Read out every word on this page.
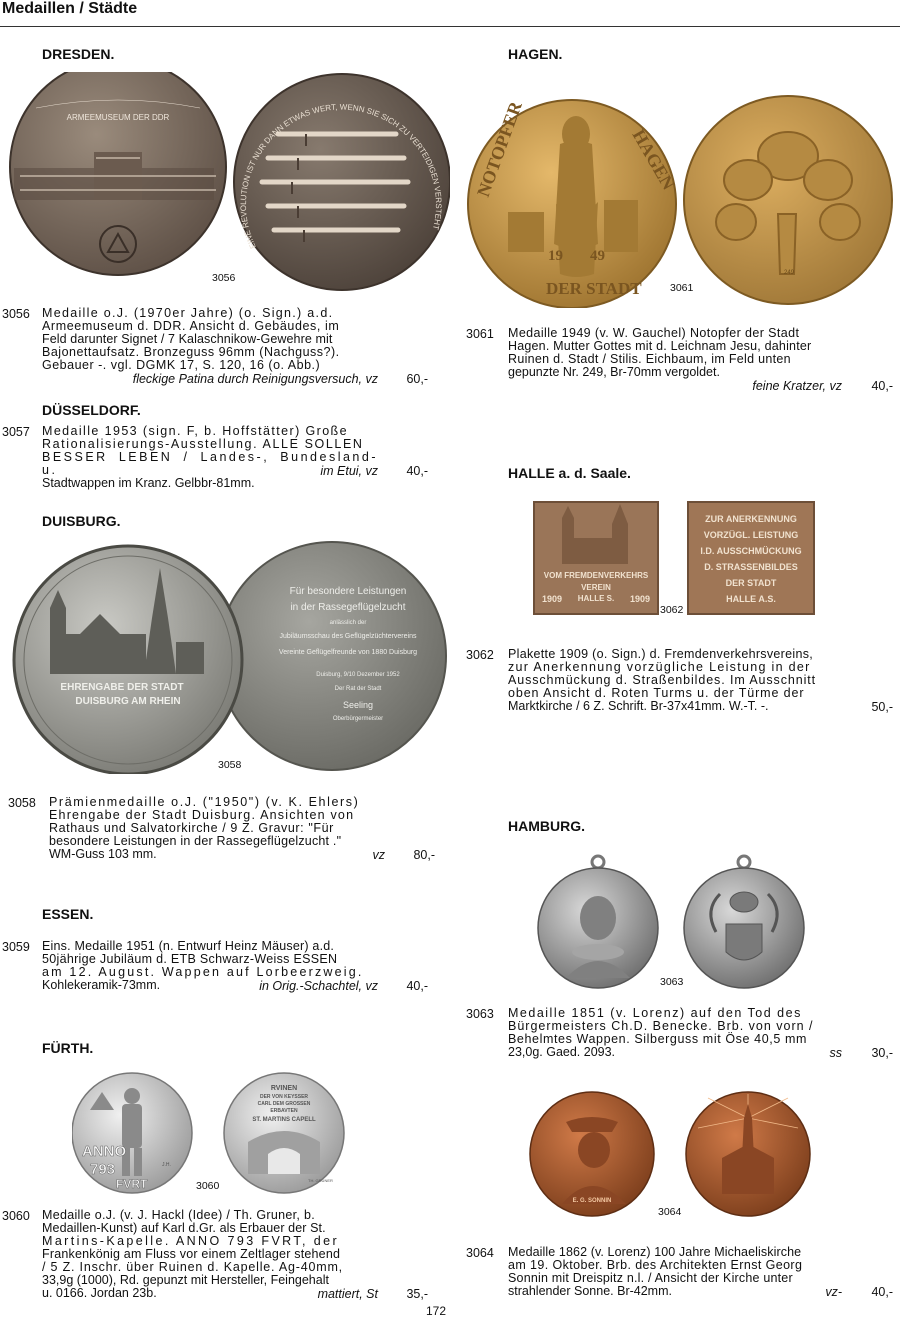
Medaillen / Städte
DRESDEN.
ARMEEMUSEUM DER DDR
EINE REVOLUTION IST NUR DANN ETWAS WERT, WENN SIE SICH ZU VERTEIDIGEN VERSTEHT
3056
3056 Medaille o.J. (1970er Jahre) (o. Sign.) a.d.

Armeemuseum d. DDR. Ansicht d. Gebäudes, im

Feld darunter Signet / 7 Kalaschnikow-Gewehre mit

Bajonettaufsatz. Bronzeguss 96mm (Nachguss?).

Gebauer -. vgl. DGMK 17, S. 120, 16 (o. Abb.)

fleckige Patina durch Reinigungsversuch, vz	60,-
DÜSSELDORF.
3057 Medaille 1953 (sign. F, b. Hoffstätter) Große

Rationalisierungs-Ausstellung. ALLE SOLLEN

BESSER LEBEN / Landes-, Bundesland- u.

Stadtwappen im Kranz. Gelbbr-81mm.

im Etui, vz	40,-
DUISBURG.
Für besondere Leistungen
in der Rassegeflügelzucht
anlässlich der
Jubiläumsschau des Geflügelzüchtervereins
Vereinte Geflügelfreunde von 1880 Duisburg
Duisburg, 9/10 Dezember 1952
Der Rat der Stadt
Seeling
Oberbürgermeister
EHRENGABE DER STADT
DUISBURG AM RHEIN
3058
3058 Prämienmedaille o.J. ("1950") (v. K. Ehlers)

Ehrengabe der Stadt Duisburg. Ansichten von

Rathaus und Salvatorkirche / 9 Z. Gravur: "Für

besondere Leistungen in der Rassegeflügelzucht ."

WM-Guss 103 mm.	vz	80,-
ESSEN.
3059 Eins. Medaille 1951 (n. Entwurf Heinz Mäuser) a.d.

50jährige Jubiläum d. ETB Schwarz-Weiss ESSEN

am 12. August. Wappen auf Lorbeerzweig.

Kohlekeramik-73mm.	in Orig.-Schachtel, vz	40,-
FÜRTH.
ANNO
793
FVRT
J.H.
RVINEN
DER VON KEYSSER
CARL DEM GROSSEN
ERBAVTEN
ST. MARTINS CAPELL
TH. GRUNER
3060
3060 Medaille o.J. (v. J. Hackl (Idee) / Th. Gruner, b.

Medaillen-Kunst) auf Karl d.Gr. als Erbauer der St.

Martins-Kapelle. ANNO 793 FVRT, der

Frankenkönig am Fluss vor einem Zeltlager stehend

/ 5 Z. Inschr. über Ruinen d. Kapelle. Ag-40mm,

33,9g (1000), Rd. gepunzt mit Hersteller, Feingehalt

u. 0166. Jordan 23b.	mattiert, St	35,-
HAGEN.
NOTOPFER
DER STADT
HAGEN
19 49
249
3061
3061 Medaille 1949 (v. W. Gauchel) Notopfer der Stadt

Hagen. Mutter Gottes mit d. Leichnam Jesu, dahinter

Ruinen d. Stadt / Stilis. Eichbaum, im Feld unten

gepunzte Nr. 249, Br-70mm vergoldet.

feine Kratzer, vz	40,-
HALLE a. d. Saale.
VOM FREMDENVERKEHRS
VEREIN
HALLE S.
1909	1909
ZUR ANERKENNUNG
VORZÜGL. LEISTUNG
I.D. AUSSCHMÜCKUNG
D. STRASSENBILDES
DER STADT
HALLE A.S.
3062
3062 Plakette 1909 (o. Sign.) d. Fremdenverkehrsvereins,

zur Anerkennung vorzügliche Leistung in der

Ausschmückung d. Straßenbildes. Im Ausschnitt

oben Ansicht d. Roten Turms u. der Türme der

Marktkirche / 6 Z. Schrift. Br-37x41mm. W.-T. -.	50,-
HAMBURG.
3063
3063 Medaille 1851 (v. Lorenz) auf den Tod des

Bürgermeisters Ch.D. Benecke. Brb. von vorn /

Behelmtes Wappen. Silberguss mit Öse 40,5 mm

23,0g. Gaed. 2093.	ss	30,-
E. G. SONNIN
3064
3064 Medaille 1862 (v. Lorenz) 100 Jahre Michaeliskirche

am 19. Oktober. Brb. des Architekten Ernst Georg

Sonnin mit Dreispitz n.l. / Ansicht der Kirche unter

strahlender Sonne. Br-42mm.	vz-	40,-
172
